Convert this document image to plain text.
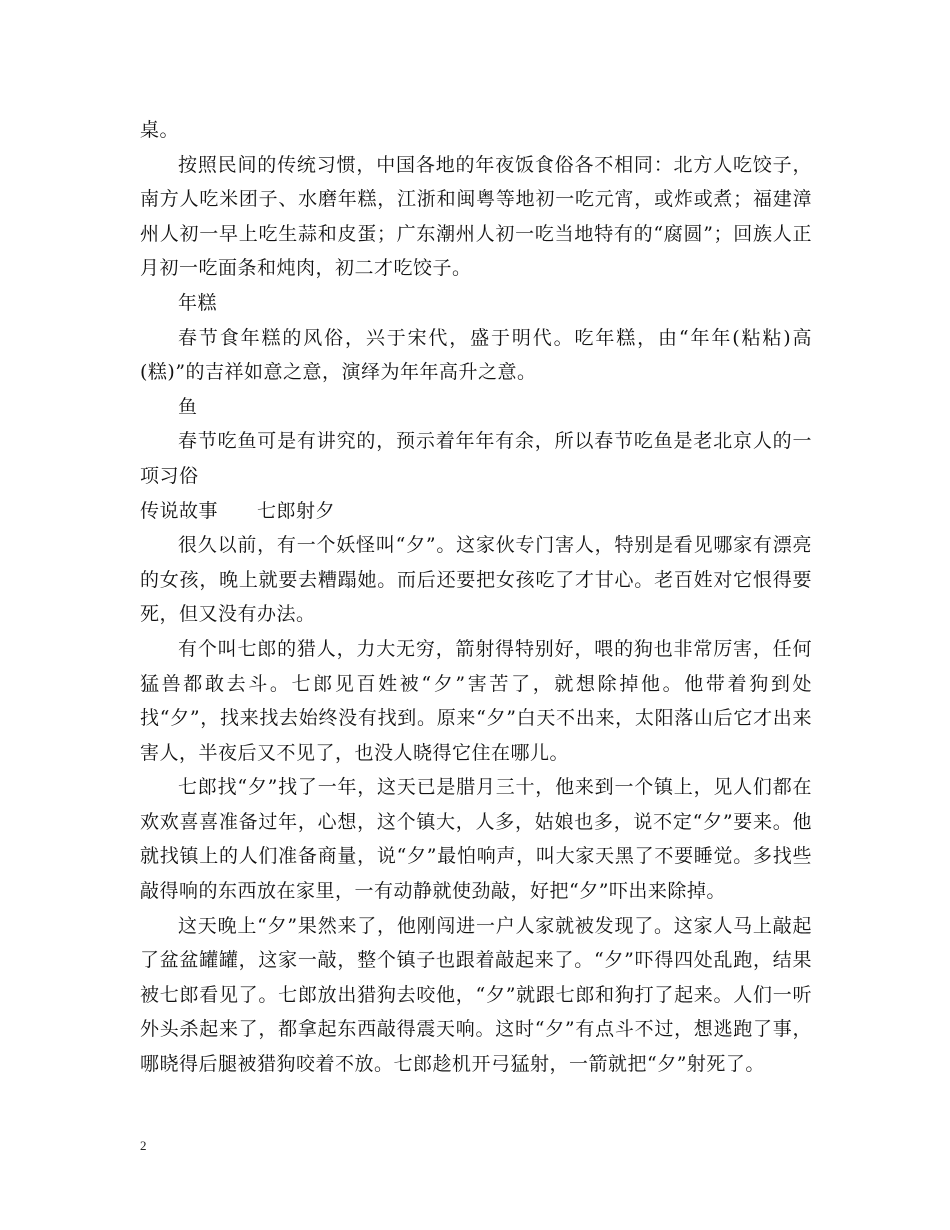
桌。

按照民间的传统习惯，中国各地的年夜饭食俗各不相同：北方人吃饺子，南方人吃米团子、水磨年糕，江浙和闽粤等地初一吃元宵，或炸或煮；福建漳州人初一早上吃生蒜和皮蛋；广东潮州人初一吃当地特有的“腐圆”；回族人正月初一吃面条和炖肉，初二才吃饺子。

年糕

春节食年糕的风俗，兴于宋代，盛于明代。吃年糕，由“年年(粘粘)高(糕)”的吉祥如意之意，演绎为年年高升之意。

鱼

春节吃鱼可是有讲究的，预示着年年有余，所以春节吃鱼是老北京人的一项习俗

传说故事　　七郎射夕

很久以前，有一个妖怪叫“夕”。这家伙专门害人，特别是看见哪家有漂亮的女孩，晚上就要去糟蹋她。而后还要把女孩吃了才甘心。老百姓对它恨得要死，但又没有办法。

有个叫七郎的猎人，力大无穷，箭射得特别好，喂的狗也非常厉害，任何猛兽都敢去斗。七郎见百姓被“夕”害苦了，就想除掉他。他带着狗到处找“夕”，找来找去始终没有找到。原来“夕”白天不出来，太阳落山后它才出来害人，半夜后又不见了，也没人晓得它住在哪儿。

七郎找“夕”找了一年，这天已是腊月三十，他来到一个镇上，见人们都在欢欢喜喜准备过年，心想，这个镇大，人多，姑娘也多，说不定“夕”要来。他就找镇上的人们准备商量，说“夕”最怕响声，叫大家天黑了不要睡觉。多找些敲得响的东西放在家里，一有动静就使劲敲，好把“夕”吓出来除掉。

这天晚上“夕”果然来了，他刚闯进一户人家就被发现了。这家人马上敲起了盆盆罐罐，这家一敲，整个镇子也跟着敲起来了。“夕”吓得四处乱跑，结果被七郎看见了。七郎放出猎狗去咬他，“夕”就跟七郎和狗打了起来。人们一听外头杀起来了，都拿起东西敲得震天响。这时“夕”有点斗不过，想逃跑了事，哪晓得后腿被猎狗咬着不放。七郎趁机开弓猛射，一箭就把“夕”射死了。

2
